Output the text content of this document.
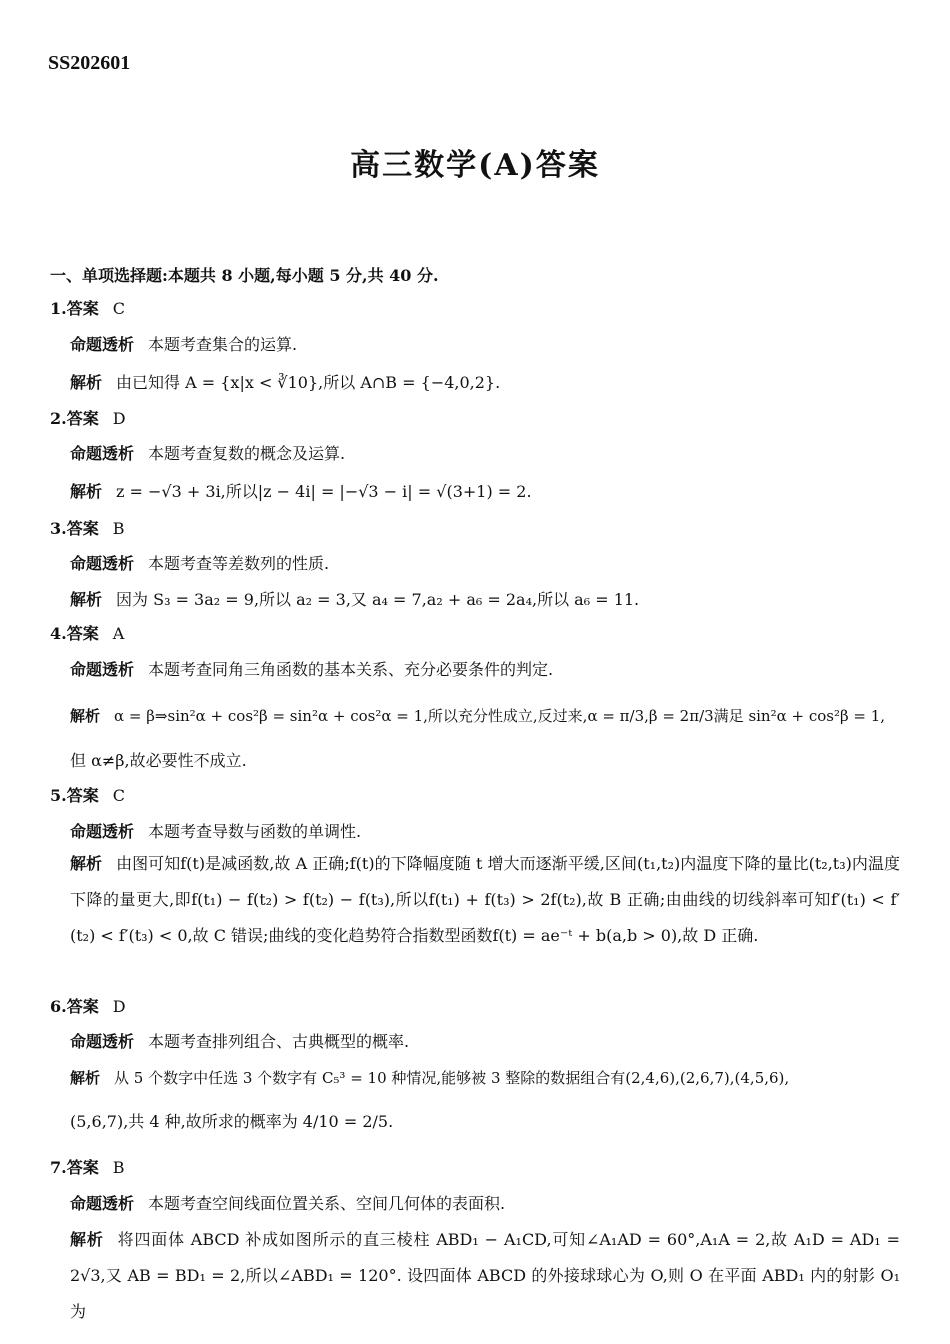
SS202601
高三数学(A)答案
一、单项选择题:本题共 8 小题,每小题 5 分,共 40 分.
1.答案 C
命题透析 本题考查集合的运算.
解析 由已知得 A = {x|x < ∛10},所以 A∩B = {−4,0,2}.
2.答案 D
命题透析 本题考查复数的概念及运算.
解析 z = −√3 + 3i,所以|z − 4i| = |−√3 − i| = √(3+1) = 2.
3.答案 B
命题透析 本题考查等差数列的性质.
解析 因为 S₃ = 3a₂ = 9,所以 a₂ = 3,又 a₄ = 7,a₂ + a₆ = 2a₄,所以 a₆ = 11.
4.答案 A
命题透析 本题考查同角三角函数的基本关系、充分必要条件的判定.
解析 α = β⇒sin²α + cos²β = sin²α + cos²α = 1,所以充分性成立,反过来,α = π/3,β = 2π/3满足 sin²α + cos²β = 1,
但 α≠β,故必要性不成立.
5.答案 C
命题透析 本题考查导数与函数的单调性.
解析 由图可知f(t)是减函数,故 A 正确;f(t)的下降幅度随 t 增大而逐渐平缓,区间(t₁,t₂)内温度下降的量比(t₂,t₃)内温度下降的量更大,即f(t₁) − f(t₂) > f(t₂) − f(t₃),所以f(t₁) + f(t₃) > 2f(t₂),故 B 正确;由曲线的切线斜率可知f′(t₁) < f′(t₂) < f′(t₃) < 0,故 C 错误;曲线的变化趋势符合指数型函数f(t) = ae⁻ᵗ + b(a,b > 0),故 D 正确.
6.答案 D
命题透析 本题考查排列组合、古典概型的概率.
解析 从 5 个数字中任选 3 个数字有 C₅³ = 10 种情况,能够被 3 整除的数据组合有(2,4,6),(2,6,7),(4,5,6),
(5,6,7),共 4 种,故所求的概率为 4/10 = 2/5.
7.答案 B
命题透析 本题考查空间线面位置关系、空间几何体的表面积.
解析 将四面体 ABCD 补成如图所示的直三棱柱 ABD₁ − A₁CD,可知∠A₁AD = 60°,A₁A = 2,故 A₁D = AD₁ = 2√3,又 AB = BD₁ = 2,所以∠ABD₁ = 120°. 设四面体 ABCD 的外接球球心为 O,则 O 在平面 ABD₁ 内的射影 O₁ 为
